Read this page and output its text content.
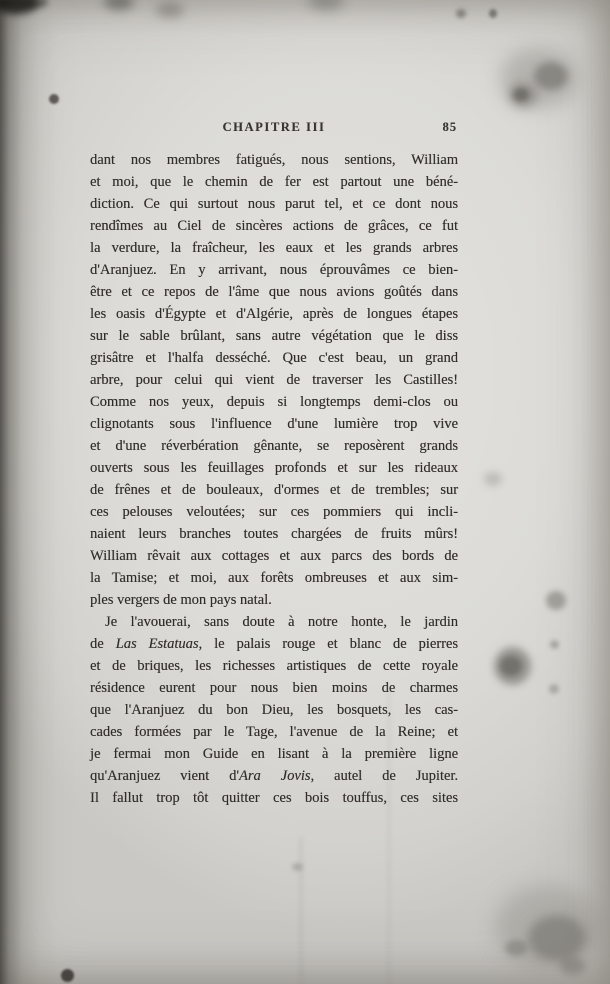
CHAPITRE III	85
dant nos membres fatigués, nous sentions, William
et moi, que le chemin de fer est partout une béné-
diction. Ce qui surtout nous parut tel, et ce dont nous
rendîmes au Ciel de sincères actions de grâces, ce fut
la verdure, la fraîcheur, les eaux et les grands arbres
d'Aranjuez. En y arrivant, nous éprouvâmes ce bien-
être et ce repos de l'âme que nous avions goûtés dans
les oasis d'Égypte et d'Algérie, après de longues étapes
sur le sable brûlant, sans autre végétation que le diss
grisâtre et l'halfa desséché. Que c'est beau, un grand
arbre, pour celui qui vient de traverser les Castilles!
Comme nos yeux, depuis si longtemps demi-clos ou
clignotants sous l'influence d'une lumière trop vive
et d'une réverbération gênante, se reposèrent grands
ouverts sous les feuillages profonds et sur les rideaux
de frênes et de bouleaux, d'ormes et de trembles; sur
ces pelouses veloutées; sur ces pommiers qui incli-
naient leurs branches toutes chargées de fruits mûrs!
William rêvait aux cottages et aux parcs des bords de
la Tamise; et moi, aux forêts ombreuses et aux sim-
ples vergers de mon pays natal.
Je l'avouerai, sans doute à notre honte, le jardin
de Las Estatuas, le palais rouge et blanc de pierres
et de briques, les richesses artistiques de cette royale
résidence eurent pour nous bien moins de charmes
que l'Aranjuez du bon Dieu, les bosquets, les cas-
cades formées par le Tage, l'avenue de la Reine; et
je fermai mon Guide en lisant à la première ligne
qu'Aranjuez vient d'Ara Jovis, autel de Jupiter.
Il fallut trop tôt quitter ces bois touffus, ces sites
